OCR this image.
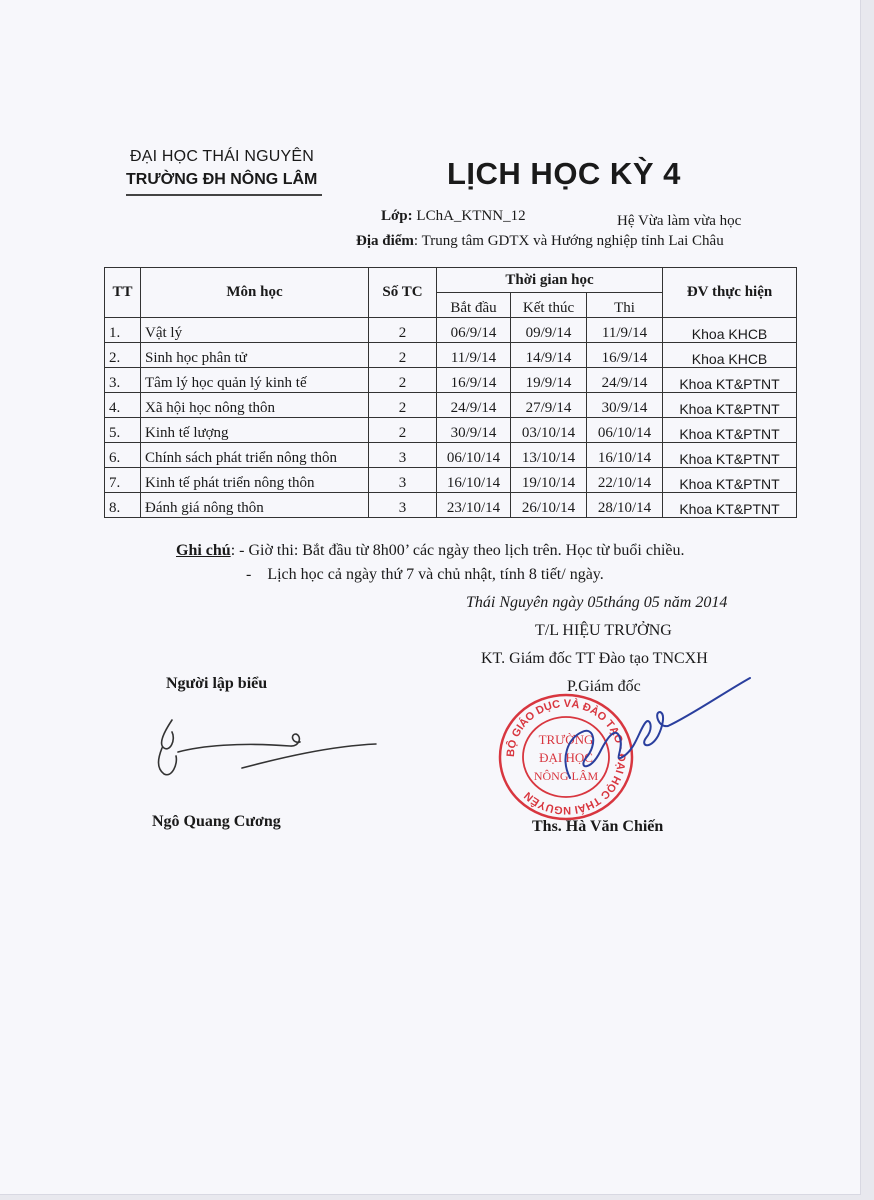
ĐẠI HỌC THÁI NGUYÊN
TRƯỜNG ĐH NÔNG LÂM	LỊCH HỌC KỲ 4
Lớp: LChA_KTNN_12	Hệ Vừa làm vừa học
Địa điểm: Trung tâm GDTX và Hướng nghiệp tỉnh Lai Châu
TT	Môn học	Số TC	Thời gian học			ĐV thực hiện
			Bắt đầu	Kết thúc	Thi	
1.	Vật lý	2	06/9/14	09/9/14	11/9/14	Khoa KHCB
2.	Sinh học phân tử	2	11/9/14	14/9/14	16/9/14	Khoa KHCB
3.	Tâm lý học quản lý kinh tế	2	16/9/14	19/9/14	24/9/14	Khoa KT&PTNT
4.	Xã hội học nông thôn	2	24/9/14	27/9/14	30/9/14	Khoa KT&PTNT
5.	Kinh tế lượng	2	30/9/14	03/10/14	06/10/14	Khoa KT&PTNT
6.	Chính sách phát triển nông thôn	3	06/10/14	13/10/14	16/10/14	Khoa KT&PTNT
7.	Kinh tế phát triển nông thôn	3	16/10/14	19/10/14	22/10/14	Khoa KT&PTNT
8.	Đánh giá nông thôn	3	23/10/14	26/10/14	28/10/14	Khoa KT&PTNT
Ghi chú: - Giờ thi: Bắt đầu từ 8h00’ các ngày theo lịch trên. Học từ buổi chiều.
-    Lịch học cả ngày thứ 7 và chủ nhật, tính 8 tiết/ ngày.
Thái Nguyên ngày 05tháng 05 năm 2014
T/L HIỆU TRƯỞNG
KT. Giám đốc TT Đào tạo TNCXH
P.Giám đốc
Người lập biểu
Ngô Quang Cương
BỘ GIÁO DỤC VÀ ĐÀO TẠO · ĐẠI HỌC THÁI NGUYÊN
TRƯỜNG
ĐẠI HỌC
NÔNG LÂM
Ths. Hà Văn Chiến
